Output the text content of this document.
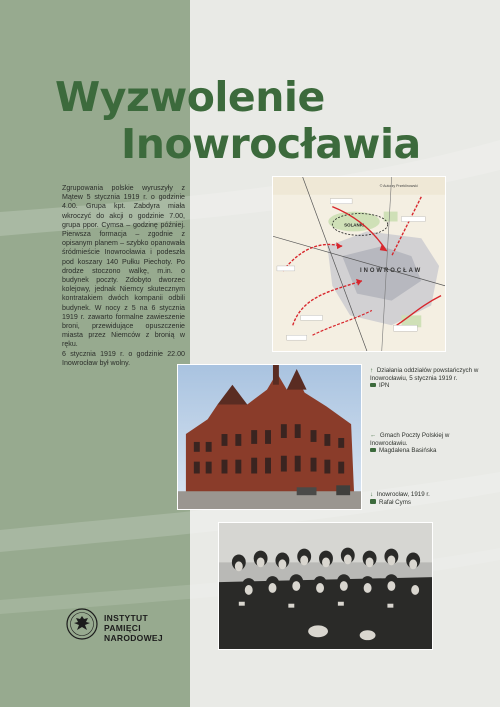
Wyzwolenie
Inowrocławia

Zgrupowania polskie wyruszyły z Mątew 5 stycznia 1919 r. o godzinie 4.00. Grupa kpt. Zabdyra miała wkroczyć do akcji o godzinie 7.00, grupa ppor. Cymsa – godzinę później. Pierwsza formacja – zgodnie z opisanym planem – szybko opanowała śródmieście Inowrocławia i podeszła pod koszary 140 Pułku Piechoty. Po drodze stoczono walkę, m.in. o budynek poczty. Zdobyto dworzec kolejowy, jednak Niemcy skutecznym kontratakiem dwóch kompanii odbili budynek. W nocy z 5 na 6 stycznia 1919 r. zawarto formalne zawieszenie broni, przewidujące opuszczenie miasta przez Niemców z bronią w ręku.

6 stycznia 1919 r. o godzinie 22.00 Inowrocław był wolny.

© Autorzy Przeklinowski
SOLANKI
INOWROCŁAW
↑ Działania oddziałów powstańczych w Inowrocławiu, 5 stycznia 1919 r.
IPN
← Gmach Poczty Polskiej w Inowrocławiu.
Magdalena Basińska
↓ Inowrocław, 1919 r.
Rafał Cyms
INSTYTUT
PAMIĘCI
NARODOWEJ
